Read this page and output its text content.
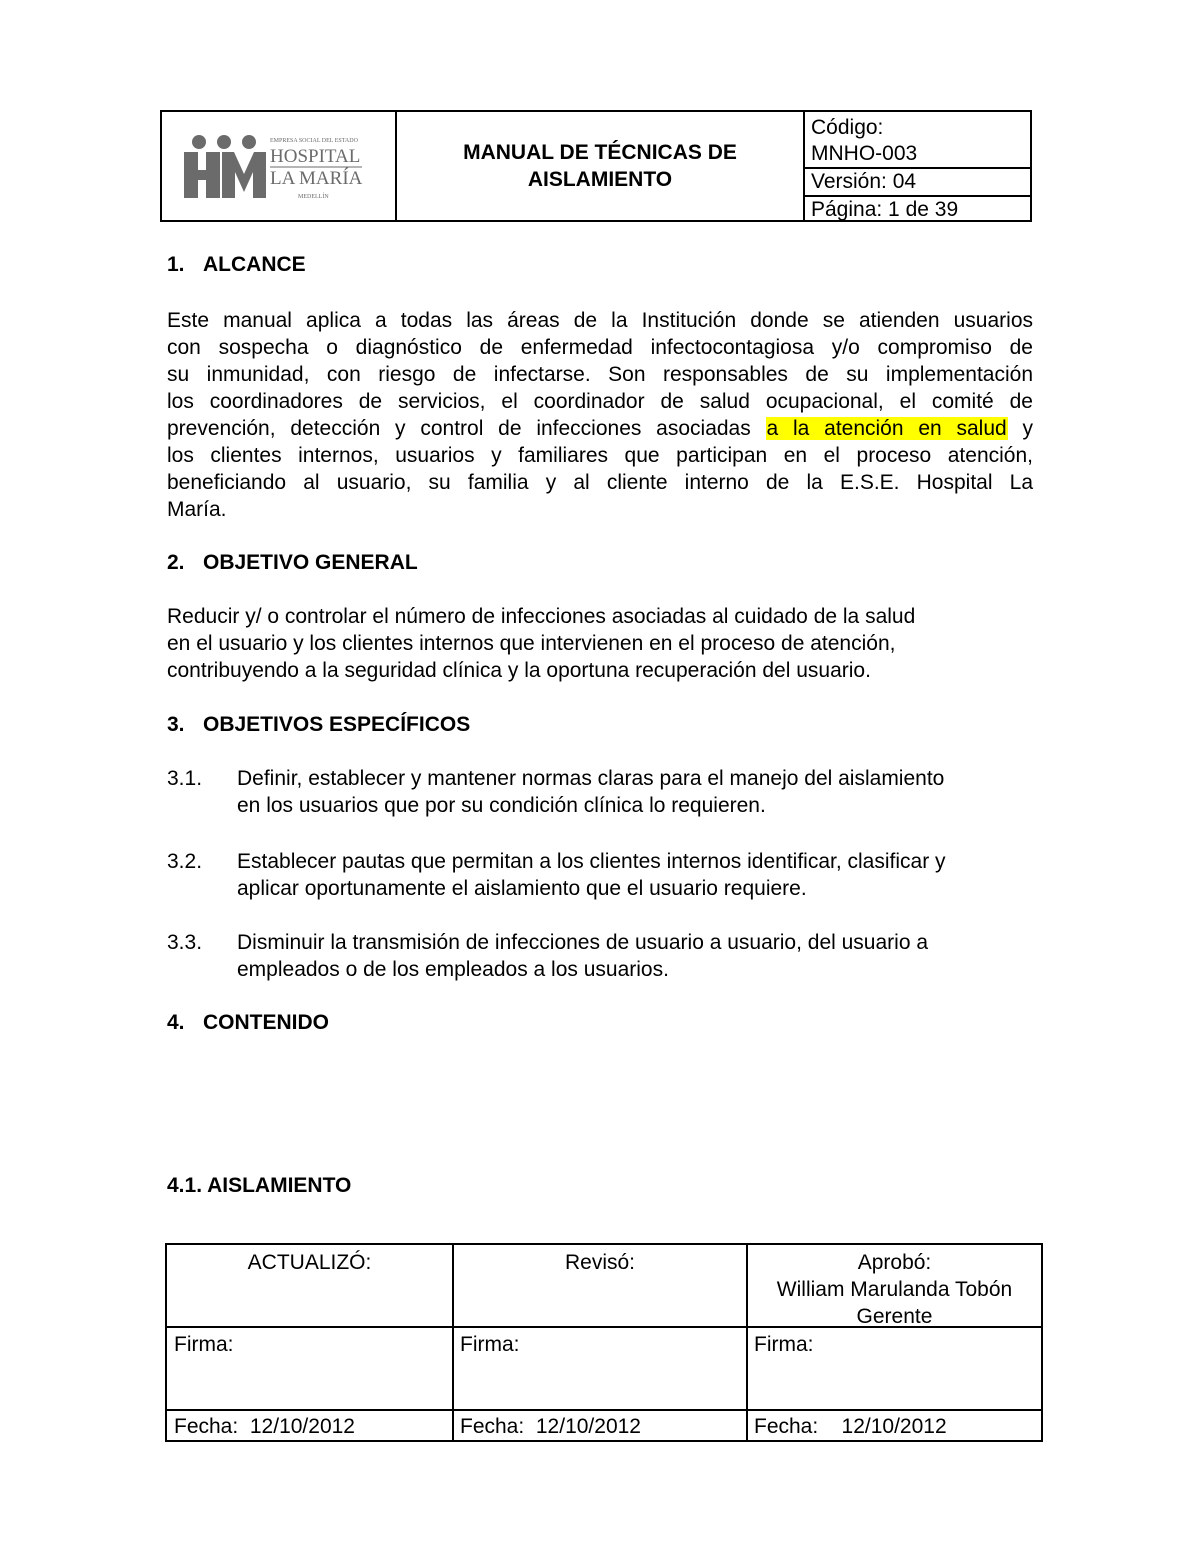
EMPRESA SOCIAL DEL ESTADO
HOSPITAL
LA MARÍA
MEDELLÍN
MANUAL DE TÉCNICAS DE
AISLAMIENTO
Código:
MNHO-003
Versión: 04
Página: 1 de 39
1. ALCANCE
Este manual aplica a todas las áreas de la Institución donde se atienden usuarios
con sospecha o diagnóstico de enfermedad infectocontagiosa y/o compromiso de
su inmunidad, con riesgo de infectarse. Son responsables de su implementación
los coordinadores de servicios, el coordinador de salud ocupacional, el comité de
prevención, detección y control de infecciones asociadas a la atención en salud y
los clientes internos, usuarios y familiares que participan en el proceso atención,
beneficiando al usuario, su familia y al cliente interno de la E.S.E. Hospital La
María.
2. OBJETIVO GENERAL
Reducir y/ o controlar el número de infecciones asociadas al cuidado de la salud
en el usuario y los clientes internos que intervienen en el proceso de atención,
contribuyendo a la seguridad clínica y la oportuna recuperación del usuario.
3. OBJETIVOS ESPECÍFICOS
3.1. Definir, establecer y mantener normas claras para el manejo del aislamiento
en los usuarios que por su condición clínica lo requieren.
3.2. Establecer pautas que permitan a los clientes internos identificar, clasificar y
aplicar oportunamente el aislamiento que el usuario requiere.
3.3. Disminuir la transmisión de infecciones de usuario a usuario, del usuario a
empleados o de los empleados a los usuarios.
4. CONTENIDO
4.1. AISLAMIENTO
ACTUALIZÓ:	Revisó:	Aprobó:
William Marulanda Tobón
Gerente
Firma:	Firma:	Firma:
Fecha: 12/10/2012	Fecha: 12/10/2012	Fecha: 12/10/2012
